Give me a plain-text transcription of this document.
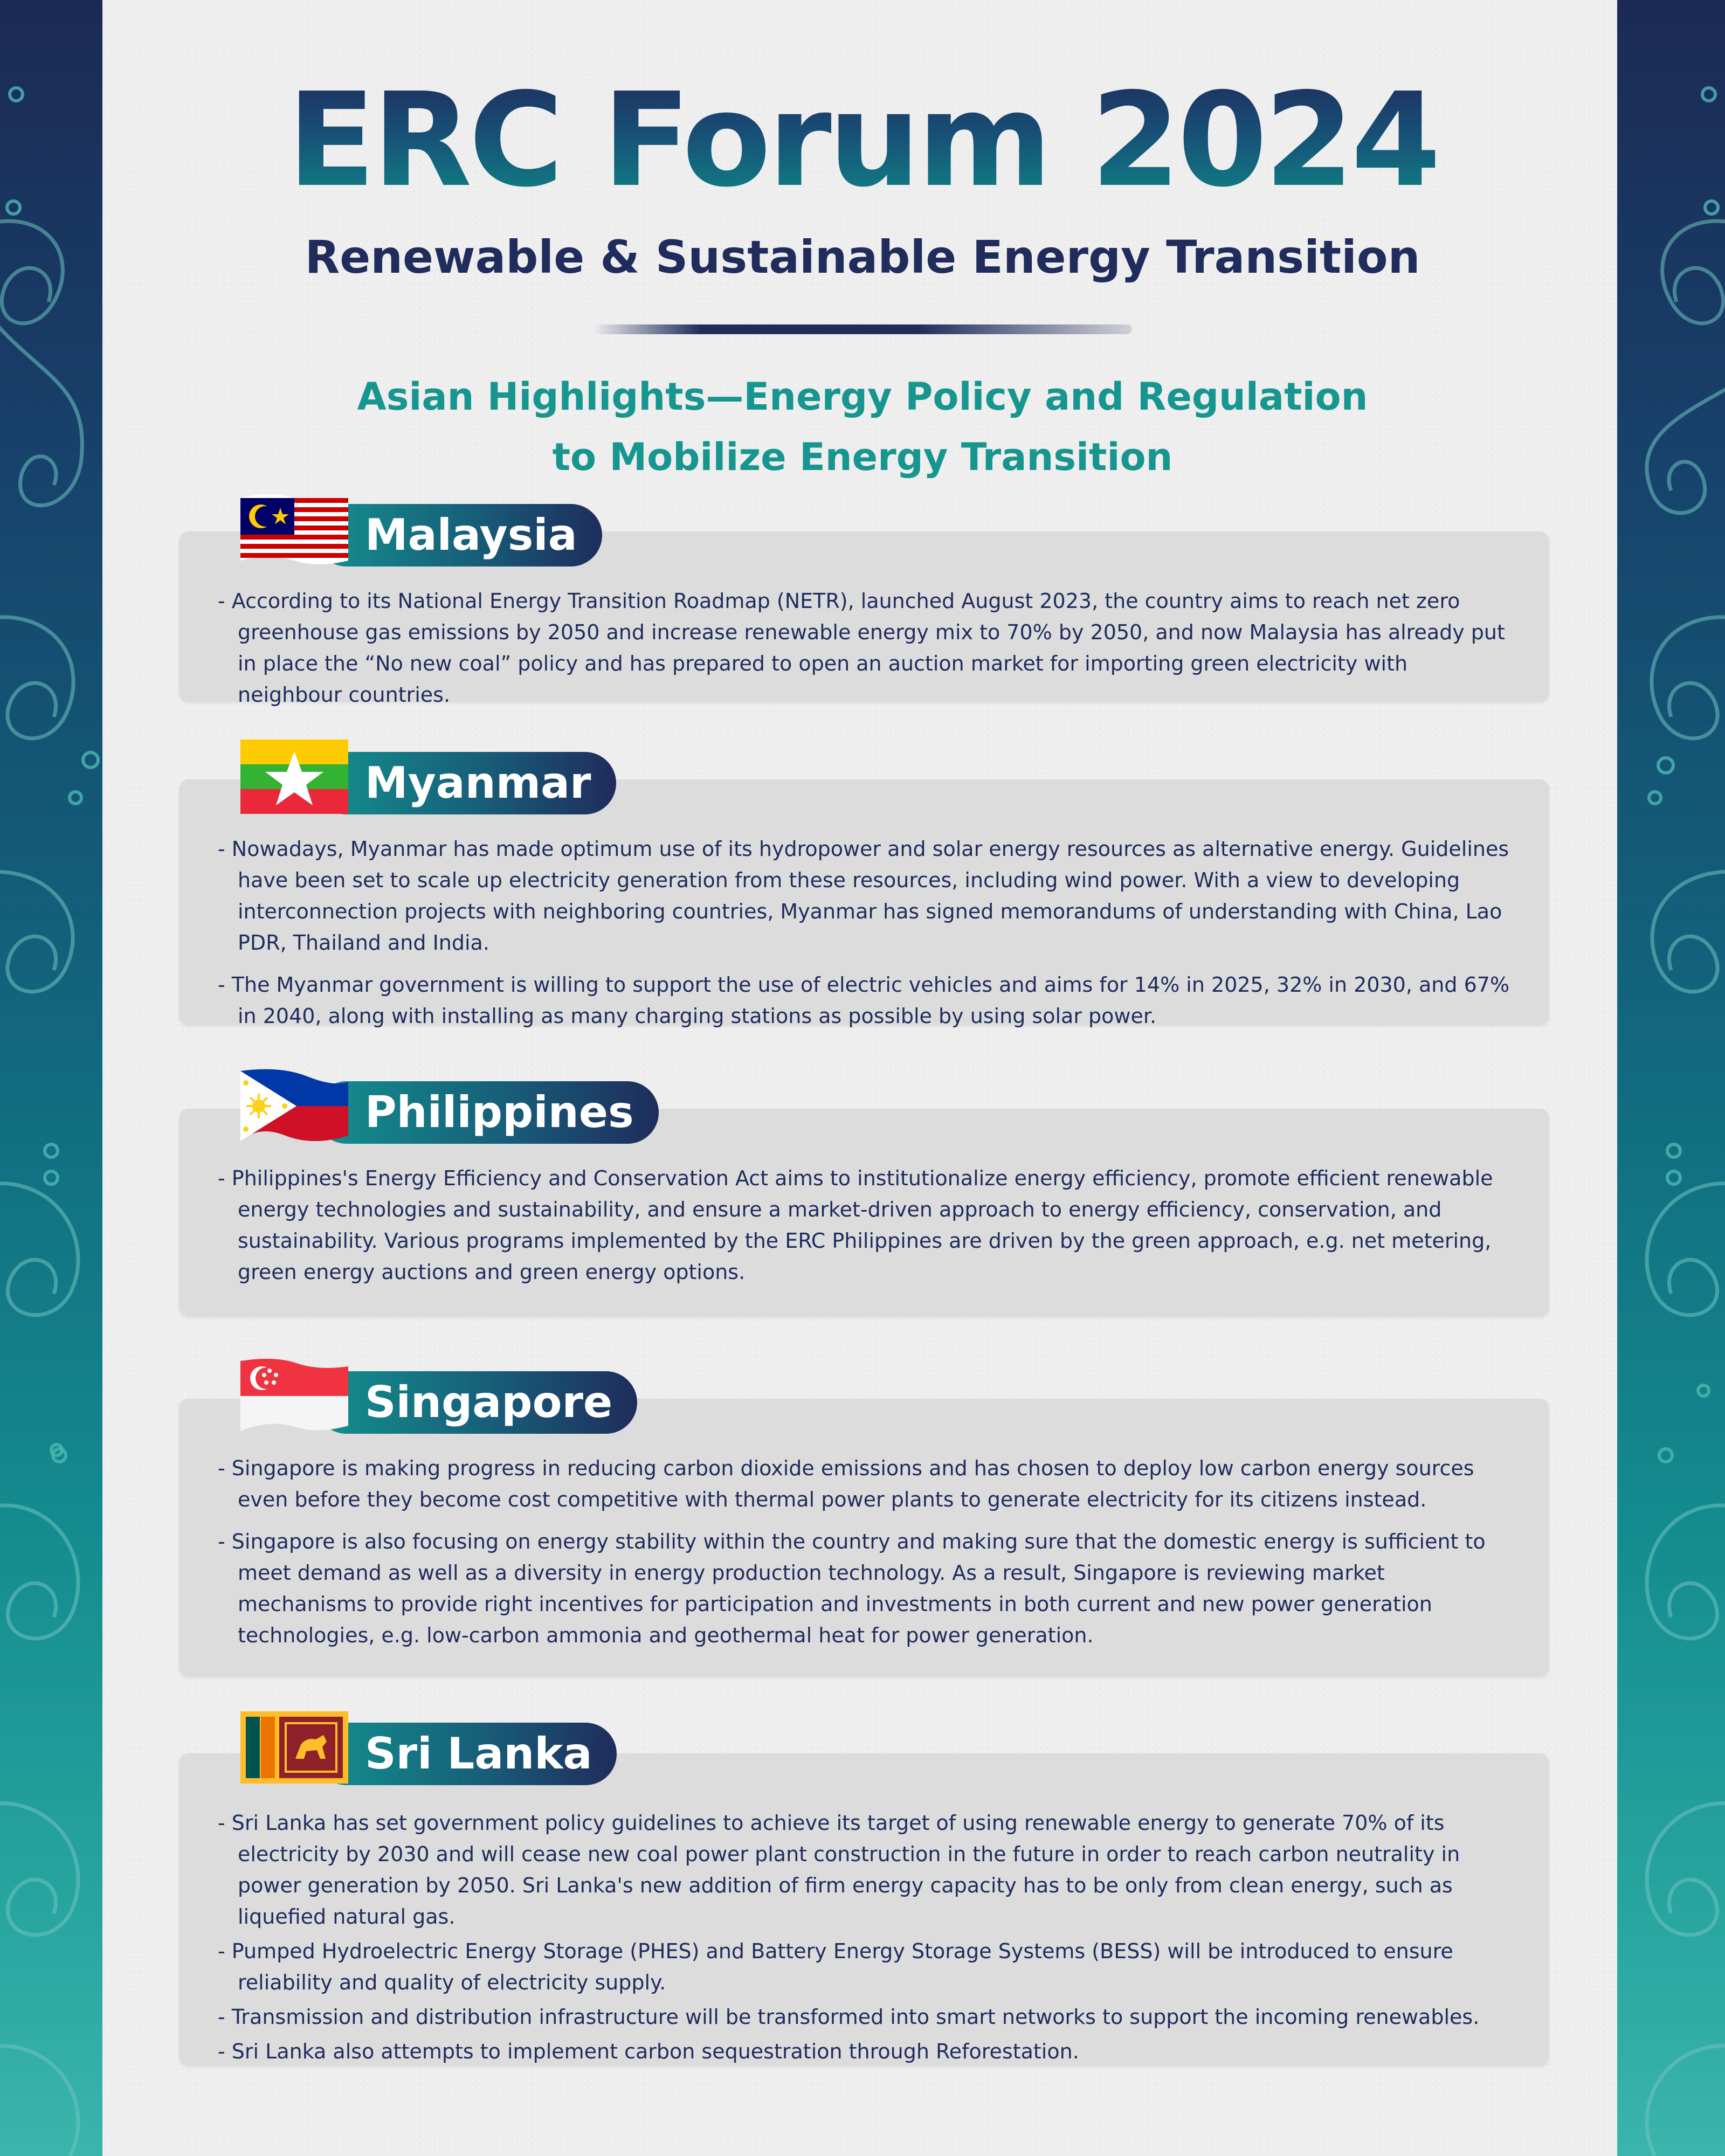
ERC Forum 2024
Renewable & Sustainable Energy Transition
Asian Highlights—Energy Policy and Regulation
to Mobilize Energy Transition

- According to its National Energy Transition Roadmap (NETR), launched August 2023, the country aims to reach net zero greenhouse gas emissions by 2050 and increase renewable energy mix to 70% by 2050, and now Malaysia has already put in place the “No new coal” policy and has prepared to open an auction market for importing green electricity with neighbour countries.

Malaysia

- Nowadays, Myanmar has made optimum use of its hydropower and solar energy resources as alternative energy. Guidelines have been set to scale up electricity generation from these resources, including wind power. With a view to developing interconnection projects with neighboring countries, Myanmar has signed memorandums of understanding with China, Lao PDR, Thailand and India.

- The Myanmar government is willing to support the use of electric vehicles and aims for 14% in 2025, 32% in 2030, and 67% in 2040, along with installing as many charging stations as possible by using solar power.

Myanmar

- Philippines's Energy Efficiency and Conservation Act aims to institutionalize energy efficiency, promote efficient renewable energy technologies and sustainability, and ensure a market-driven approach to energy efficiency, conservation, and sustainability. Various programs implemented by the ERC Philippines are driven by the green approach, e.g. net metering, green energy auctions and green energy options.

Philippines

- Singapore is making progress in reducing carbon dioxide emissions and has chosen to deploy low carbon energy sources even before they become cost competitive with thermal power plants to generate electricity for its citizens instead.

- Singapore is also focusing on energy stability within the country and making sure that the domestic energy is sufficient to meet demand as well as a diversity in energy production technology. As a result, Singapore is reviewing market mechanisms to provide right incentives for participation and investments in both current and new power generation technologies, e.g. low-carbon ammonia and geothermal heat for power generation.

Singapore

- Sri Lanka has set government policy guidelines to achieve its target of using renewable energy to generate 70% of its electricity by 2030 and will cease new coal power plant construction in the future in order to reach carbon neutrality in power generation by 2050. Sri Lanka's new addition of firm energy capacity has to be only from clean energy, such as liquefied natural gas.

- Pumped Hydroelectric Energy Storage (PHES) and Battery Energy Storage Systems (BESS) will be introduced to ensure reliability and quality of electricity supply.

- Transmission and distribution infrastructure will be transformed into smart networks to support the incoming renewables.

- Sri Lanka also attempts to implement carbon sequestration through Reforestation.

Sri Lanka
